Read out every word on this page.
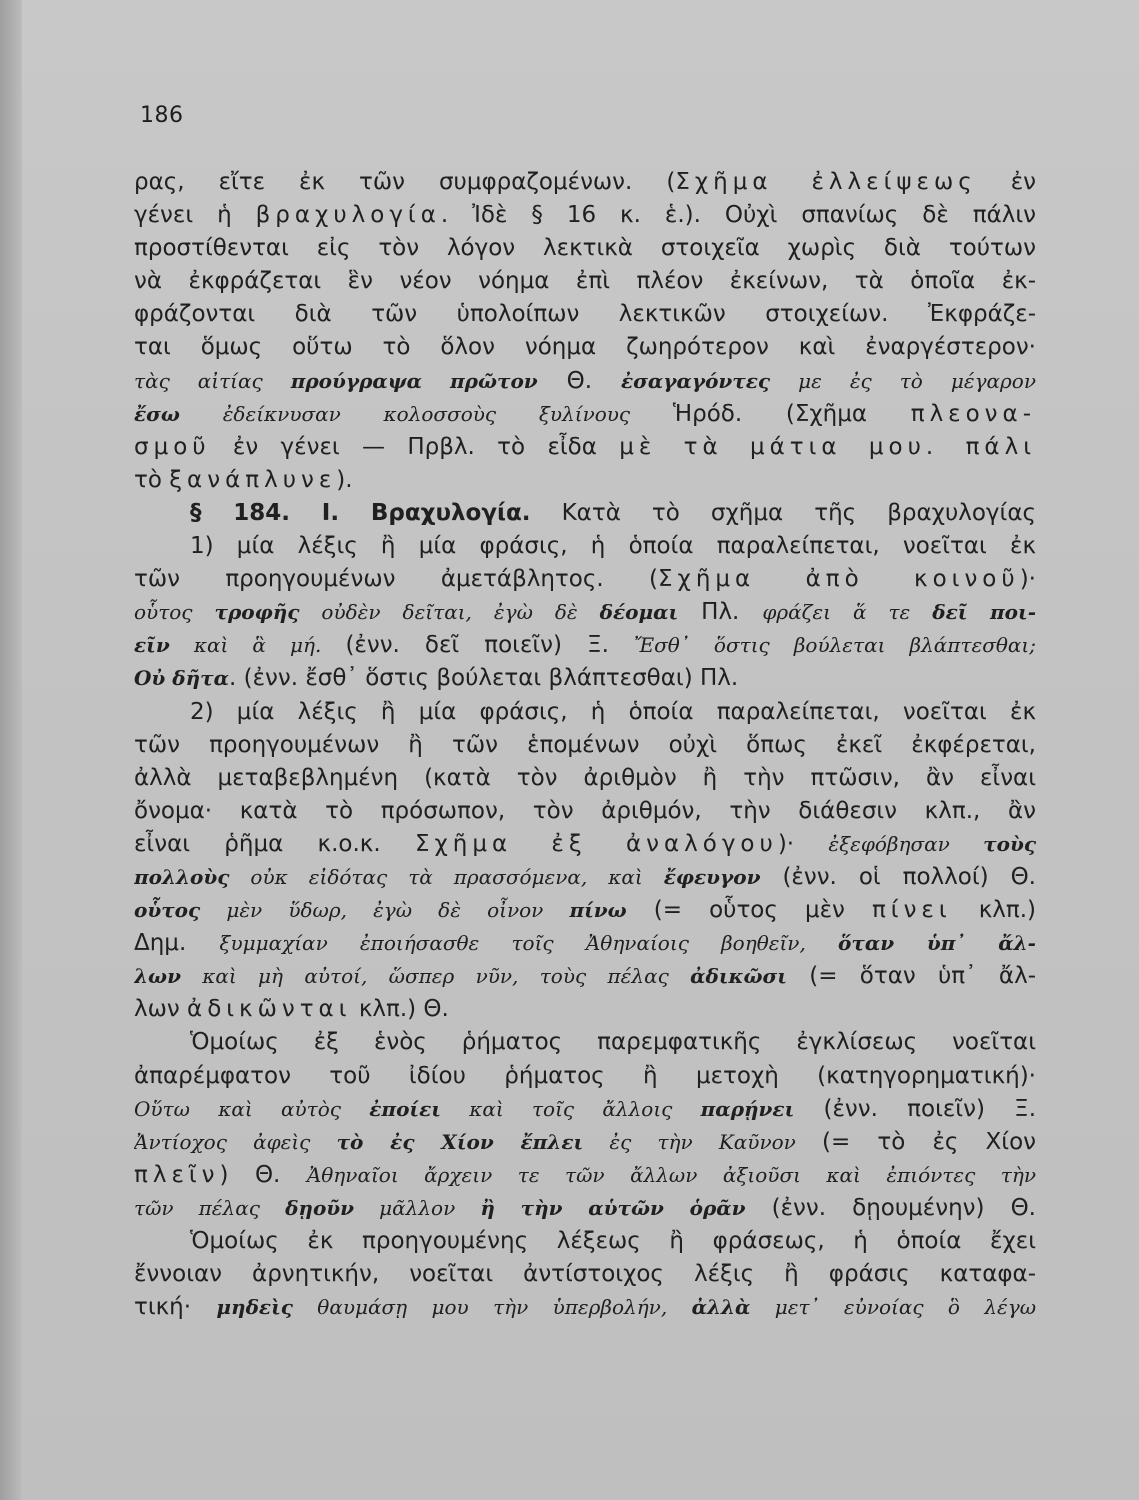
186
ρας, εἴτε ἐκ τῶν συμφραζομένων. (Σχῆμα ἐλλείψεως ἐν
γένει ἡ βραχυλογία. Ἰδὲ § 16 κ. ἑ.). Οὐχὶ σπανίως δὲ πάλιν
προστίθενται εἰς τὸν λόγον λεκτικὰ στοιχεῖα χωρὶς διὰ τούτων
νὰ ἐκφράζεται ἓν νέον νόημα ἐπὶ πλέον ἐκείνων, τὰ ὁποῖα ἐκ-
φράζονται διὰ τῶν ὑπολοίπων λεκτικῶν στοιχείων. Ἐκφράζε-
ται ὅμως οὕτω τὸ ὅλον νόημα ζωηρότερον καὶ ἐναργέστερον·
τὰς αἰτίας προύγραψα πρῶτον Θ. ἐσαγαγόντες με ἐς τὸ μέγαρον
ἔσω ἐδείκνυσαν κολοσσοὺς ξυλίνους Ἡρόδ. (Σχῆμα πλεονα-
σμοῦ ἐν γένει — Πρβλ. τὸ εἶδα μὲ τὰ μάτια μου. πάλι
τὸ ξανάπλυνε).
§ 184. Ι. Βραχυλογία. Κατὰ τὸ σχῆμα τῆς βραχυλογίας
1) μία λέξις ἢ μία φράσις, ἡ ὁποία παραλείπεται, νοεῖται ἐκ
τῶν προηγουμένων ἀμετάβλητος. (Σχῆμα ἀπὸ κοινοῦ)·
οὗτος τροφῆς οὐδὲν δεῖται, ἐγὼ δὲ δέομαι Πλ. φράζει ἅ τε δεῖ ποι-
εῖν καὶ ἃ μή. (ἐνν. δεῖ ποιεῖν) Ξ. Ἔσθ᾽ ὅστις βούλεται βλάπτεσθαι;
Οὐ δῆτα. (ἐνν. ἔσθ᾽ ὅστις βούλεται βλάπτεσθαι) Πλ.
2) μία λέξις ἢ μία φράσις, ἡ ὁποία παραλείπεται, νοεῖται ἐκ
τῶν προηγουμένων ἢ τῶν ἑπομένων οὐχὶ ὅπως ἐκεῖ ἐκφέρεται,
ἀλλὰ μεταβεβλημένη (κατὰ τὸν ἀριθμὸν ἢ τὴν πτῶσιν, ἂν εἶναι
ὄνομα· κατὰ τὸ πρόσωπον, τὸν ἀριθμόν, τὴν διάθεσιν κλπ., ἂν
εἶναι ῥῆμα κ.ο.κ. Σχῆμα ἐξ ἀναλόγου)· ἐξεφόβησαν τοὺς
πολλοὺς οὐκ εἰδότας τὰ πρασσόμενα, καὶ ἔφευγον (ἐνν. οἱ πολλοί) Θ.
οὗτος μὲν ὕδωρ, ἐγὼ δὲ οἶνον πίνω (= οὗτος μὲν πίνει κλπ.)
Δημ. ξυμμαχίαν ἐποιήσασθε τοῖς Ἀθηναίοις βοηθεῖν, ὅταν ὑπ᾽ ἄλ-
λων καὶ μὴ αὐτοί, ὥσπερ νῦν, τοὺς πέλας ἀδικῶσι (= ὅταν ὑπ᾽ ἄλ-
λων ἀδικῶνται κλπ.) Θ.
Ὁμοίως ἐξ ἑνὸς ῥήματος παρεμφατικῆς ἐγκλίσεως νοεῖται
ἀπαρέμφατον τοῦ ἰδίου ῥήματος ἢ μετοχὴ (κατηγορηματική)·
Οὕτω καὶ αὐτὸς ἐποίει καὶ τοῖς ἄλλοις παρῄνει (ἐνν. ποιεῖν) Ξ.
Ἀντίοχος ἀφεὶς τὸ ἐς Χίον ἔπλει ἐς τὴν Καῦνον (= τὸ ἐς Χίον
πλεῖν) Θ. Ἀθηναῖοι ἄρχειν τε τῶν ἄλλων ἀξιοῦσι καὶ ἐπιόντες τὴν
τῶν πέλας δῃοῦν μᾶλλον ἢ τὴν αὑτῶν ὁρᾶν (ἐνν. δῃουμένην) Θ.
Ὁμοίως ἐκ προηγουμένης λέξεως ἢ φράσεως, ἡ ὁποία ἔχει
ἔννοιαν ἀρνητικήν, νοεῖται ἀντίστοιχος λέξις ἢ φράσις καταφα-
τική· μηδεὶς θαυμάσῃ μου τὴν ὑπερβολήν, ἀλλὰ μετ᾽ εὐνοίας ὃ λέγω
